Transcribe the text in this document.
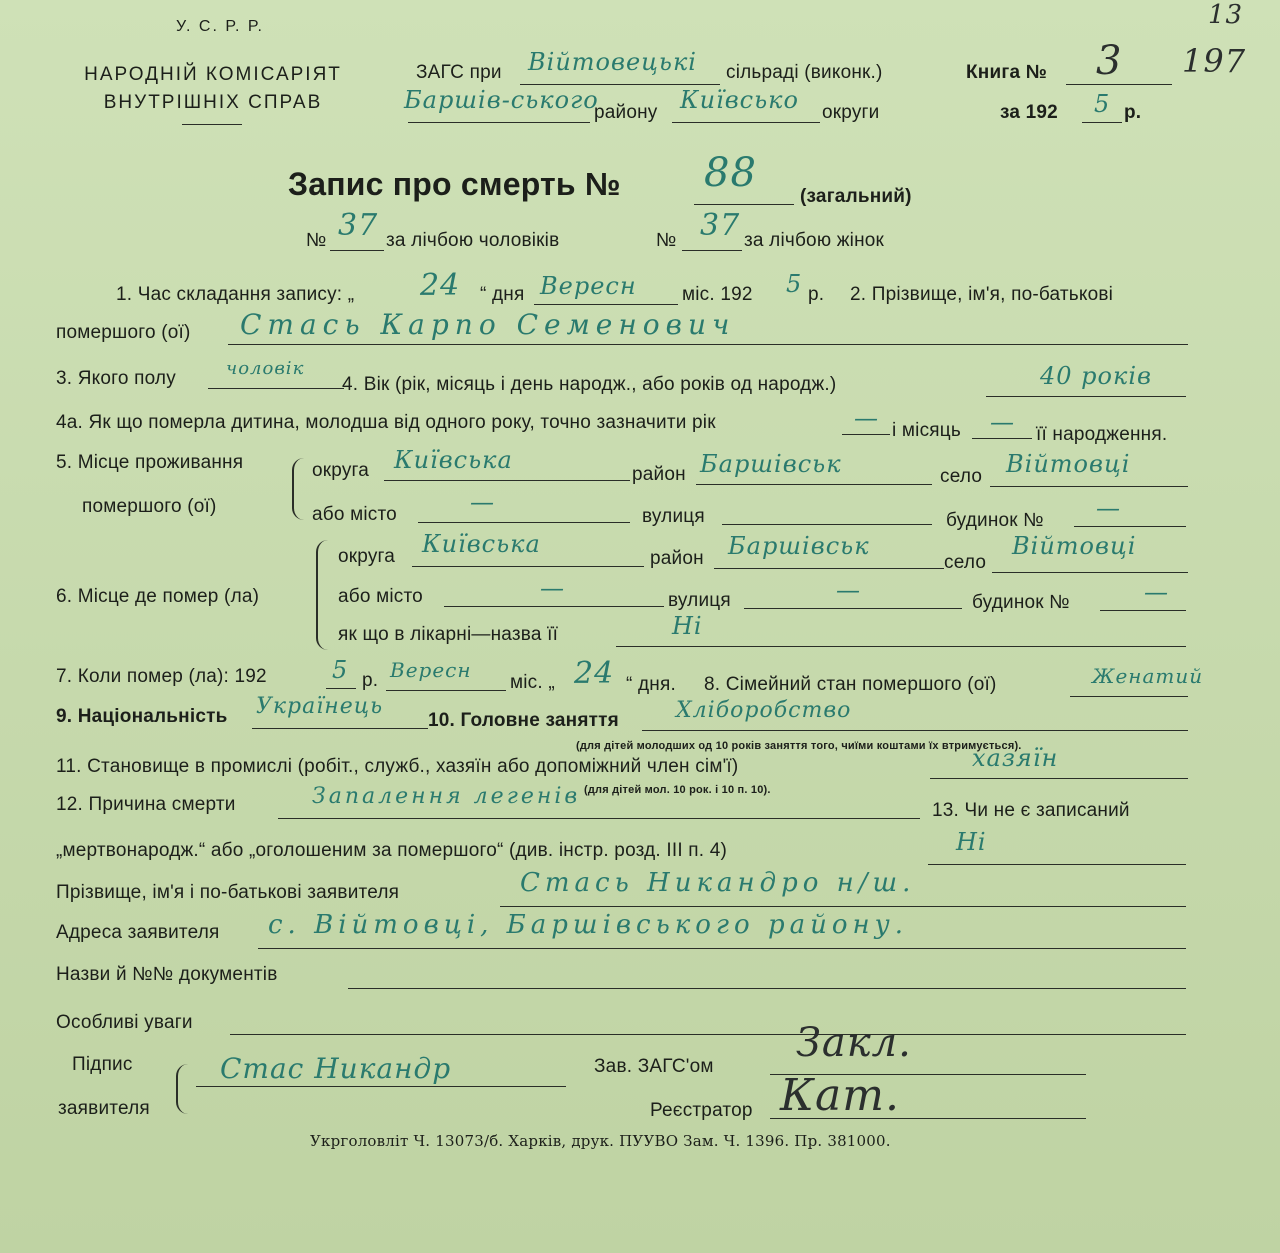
У. С. Р. Р.
НАРОДНІЙ КОМІСАРІЯТ
ВНУТРІШНІХ СПРАВ
ЗАГС при Війтовецькі сільраді (виконк.)	Книга № 3
13
197
Баршів-ського
району Київсько округи	за 192 5 р.
Запис про смерть № 88
(загальний)
№ 37 за лічбою чоловіків	№ 37 за лічбою жінок
1. Час складання запису: „ 24 “ дня Вересн міс. 192 5 р. 2. Прізвище, ім'я, по-батькові
помершого (ої) Стась Карпо Семенович
3. Якого полу	чоловік
4. Вік (рік, місяць і день народж., або років од народж.)	40 років
4а. Як що померла дитина, молодша від одного року, точно зазначити рік	— і місяць — її народження.
5. Місце проживання
помершого (ої)
округа Київська
район Баршівськ	село Війтовці
або місто	—
вулиця	будинок № —
6. Місце де помер (ла)
округа Київська
район Баршівськ
село
Війтовці
або місто	—	вулиця	—	будинок №	—
як що в лікарні—назва її	Ні
7. Коли помер (ла): 192	5 р. Вересн
міс. „ 24 “ дня. 8. Сімейний стан помершого (ої)	Женатий
9. Національність Українець
10. Головне заняття	Хліборобство
(для дітей молодших од 10 років заняття того, чиїми коштами їх втримується).
11. Становище в промислі (робіт., служб., хазяїн або допоміжний член сім'ї)	хазяїн
(для дітей мол. 10 рок. і 10 п. 10).
12. Причина смерти	Запалення легенів
13. Чи не є записаний
„мертвонародж.“ або „оголошеним за помершого“ (див. інстр. розд. III п. 4)	Ні
Прізвище, ім'я і по-батькові заявителя	Стась Никандро н/ш.
Адреса заявителя с. Війтовці, Баршівського району.
Назви й №№ документів
Особливі уваги
Підпис
заявителя
Стас Никандр	Зав. ЗАГС'ом
Закл.
Реєстратор Кат.
Укрголовліт Ч. 13073/б. Харків, друк. ПУУВО Зам. Ч. 1396. Пр. 381000.
